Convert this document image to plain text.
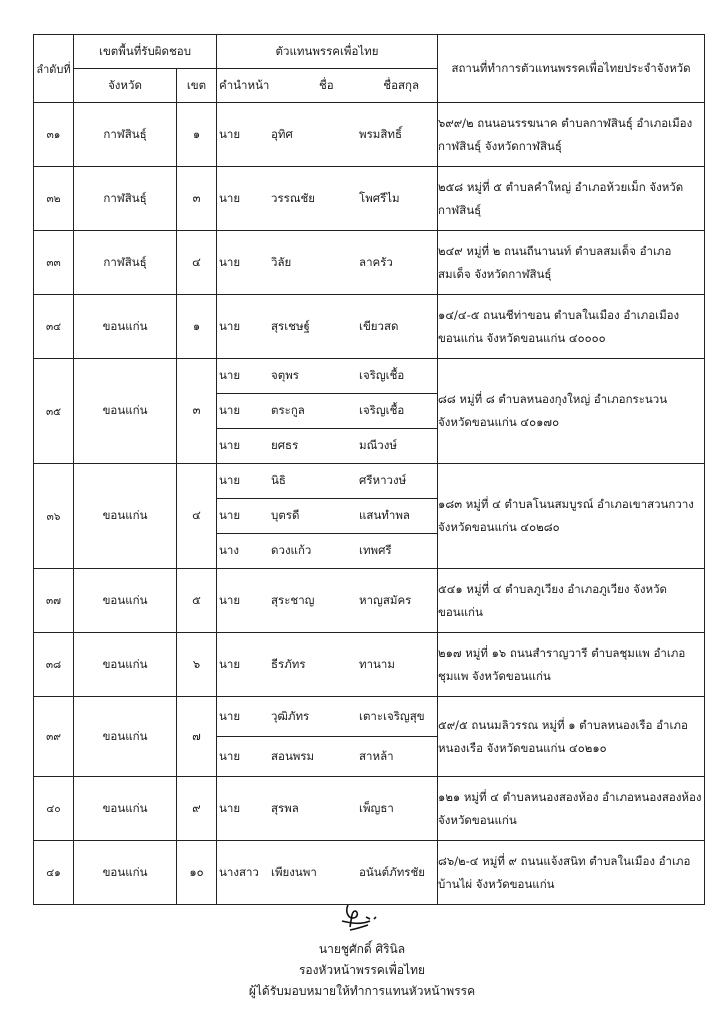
ลำดับที่	เขตพื้นที่รับผิดชอบ	ตัวแทนพรรคเพื่อไทย	สถานที่ทำการตัวแทนพรรคเพื่อไทยประจำจังหวัด
จังหวัด	เขต	คำนำหน้า	ชื่อ	ชื่อสกุล

๓๑	กาฬสินธุ์	๑	นาย	อุทิศ	พรมสิทธิ์
	๖๙๙/๒ ถนนอนรรฆนาค ตำบลกาฬสินธุ์ อำเภอเมืองกาฬสินธุ์ จังหวัดกาฬสินธุ์
๓๒	กาฬสินธุ์	๓	นาย	วรรณชัย	โพศรีไม
	๒๕๘ หมู่ที่ ๕ ตำบลคำใหญ่ อำเภอห้วยเม็ก จังหวัดกาฬสินธุ์
๓๓	กาฬสินธุ์	๔	นาย	วิลัย	ลาครัว
	๒๔๙ หมู่ที่ ๒ ถนนถีนานนท์ ตำบลสมเด็จ อำเภอสมเด็จ จังหวัดกาฬสินธุ์
๓๔	ขอนแก่น	๑	นาย	สุรเชษฐ์	เขียวสด
	๑๔/๔-๕ ถนนชีท่าขอน ตำบลในเมือง อำเภอเมืองขอนแก่น จังหวัดขอนแก่น ๔๐๐๐๐
๓๕	ขอนแก่น	๓	
นาย	จตุพร	เจริญเชื้อ
นาย	ตระกูล	เจริญเชื้อ
นาย	ยศธร	มณีวงษ์
	๘๘ หมู่ที่ ๘ ตำบลหนองกุงใหญ่ อำเภอกระนวน จังหวัดขอนแก่น ๔๐๑๗๐
๓๖	ขอนแก่น	๔	
นาย	นิธิ	ศรีหาวงษ์
นาย	บุตรดี	แสนทำพล
นาง	ดวงแก้ว	เทพศรี
	๑๘๓ หมู่ที่ ๔ ตำบลโนนสมบูรณ์ อำเภอเขาสวนกวาง จังหวัดขอนแก่น ๔๐๒๘๐
๓๗	ขอนแก่น	๕	นาย	สุระชาญ	หาญสมัคร
	๕๔๑ หมู่ที่ ๔ ตำบลภูเวียง อำเภอภูเวียง จังหวัดขอนแก่น
๓๘	ขอนแก่น	๖	นาย	ธีรภัทร	ทานาม
	๒๑๗ หมู่ที่ ๑๖ ถนนสำราญวารี ตำบลชุมแพ อำเภอชุมแพ จังหวัดขอนแก่น
๓๙	ขอนแก่น	๗	
นาย	วุฒิภัทร	เตาะเจริญสุข
นาย	สอนพรม	สาหล้า
	๕๙/๕ ถนนมลิวรรณ หมู่ที่ ๑ ตำบลหนองเรือ อำเภอหนองเรือ จังหวัดขอนแก่น ๔๐๒๑๐
๔๐	ขอนแก่น	๙	นาย	สุรพล	เพ็ญธา
	๑๒๑ หมู่ที่ ๔ ตำบลหนองสองห้อง อำเภอหนองสองห้อง จังหวัดขอนแก่น
๔๑	ขอนแก่น	๑๐	นางสาว	เพียงนพา	อนันต์ภัทรชัย
	๘๖/๒-๔ หมู่ที่ ๙ ถนนแจ้งสนิท ตำบลในเมือง อำเภอบ้านไผ่ จังหวัดขอนแก่น
นายชูศักดิ์ ศิรินิล
รองหัวหน้าพรรคเพื่อไทย
ผู้ได้รับมอบหมายให้ทำการแทนหัวหน้าพรรค
